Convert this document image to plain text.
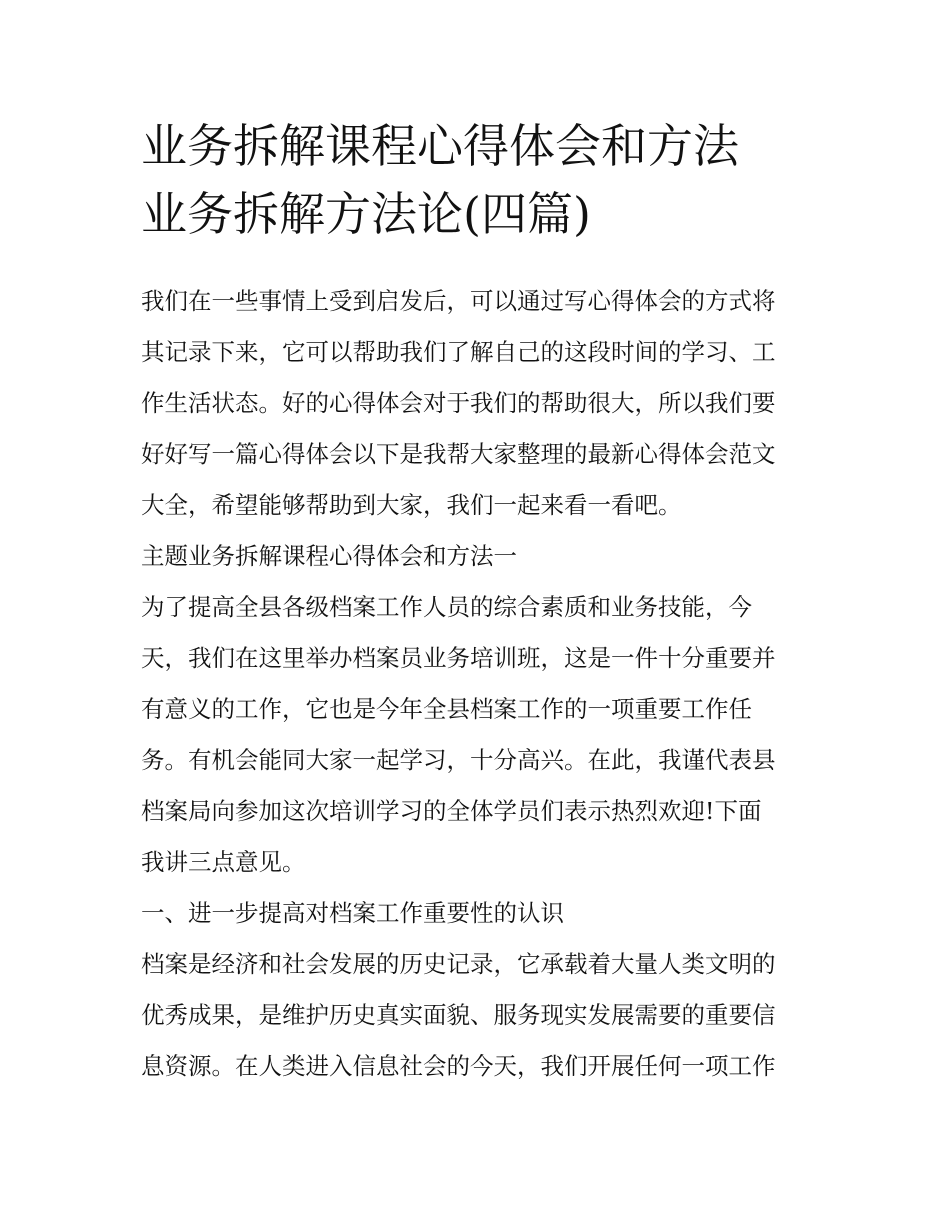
业务拆解课程心得体会和方法
业务拆解方法论(四篇)

我们在一些事情上受到启发后，可以通过写心得体会的方式将
其记录下来，它可以帮助我们了解自己的这段时间的学习、工
作生活状态。好的心得体会对于我们的帮助很大，所以我们要
好好写一篇心得体会以下是我帮大家整理的最新心得体会范文
大全，希望能够帮助到大家，我们一起来看一看吧。

主题业务拆解课程心得体会和方法一

为了提高全县各级档案工作人员的综合素质和业务技能，今
天，我们在这里举办档案员业务培训班，这是一件十分重要并
有意义的工作，它也是今年全县档案工作的一项重要工作任
务。有机会能同大家一起学习，十分高兴。在此，我谨代表县
档案局向参加这次培训学习的全体学员们表示热烈欢迎!下面
我讲三点意见。

一、进一步提高对档案工作重要性的认识

档案是经济和社会发展的历史记录，它承载着大量人类文明的
优秀成果，是维护历史真实面貌、服务现实发展需要的重要信
息资源。在人类进入信息社会的今天，我们开展任何一项工作
